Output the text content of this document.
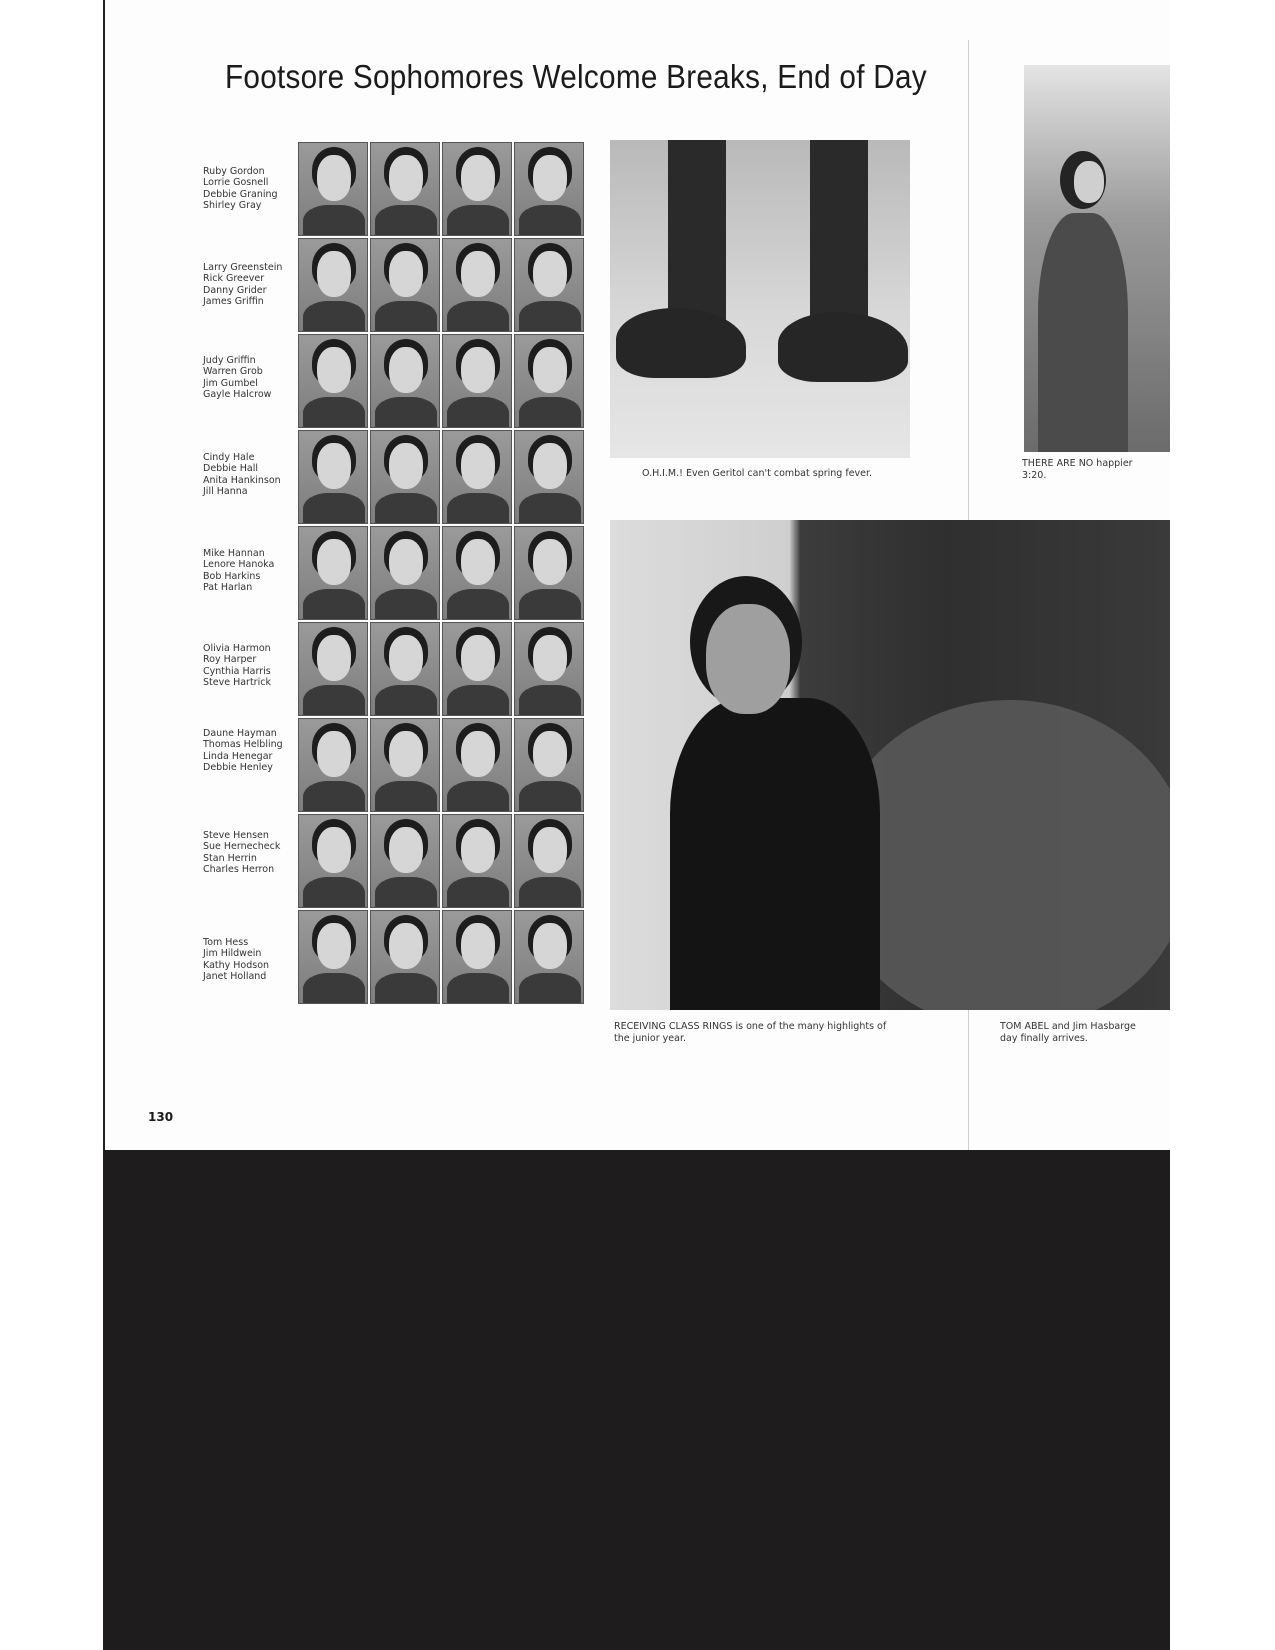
Footsore Sophomores Welcome Breaks, End of Day
Ruby Gordon
Lorrie Gosnell
Debbie Graning
Shirley Gray
Larry Greenstein
Rick Greever
Danny Grider
James Griffin
Judy Griffin
Warren Grob
Jim Gumbel
Gayle Halcrow
Cindy Hale
Debbie Hall
Anita Hankinson
Jill Hanna
Mike Hannan
Lenore Hanoka
Bob Harkins
Pat Harlan
Olivia Harmon
Roy Harper
Cynthia Harris
Steve Hartrick
Daune Hayman
Thomas Helbling
Linda Henegar
Debbie Henley
Steve Hensen
Sue Hernecheck
Stan Herrin
Charles Herron
Tom Hess
Jim Hildwein
Kathy Hodson
Janet Holland
O.H.I.M.! Even Geritol can't combat spring fever.
THERE ARE NO happier
3:20.
RECEIVING CLASS RINGS is one of the many highlights of
the junior year.
TOM ABEL and Jim Hasbarge
day finally arrives.
130
